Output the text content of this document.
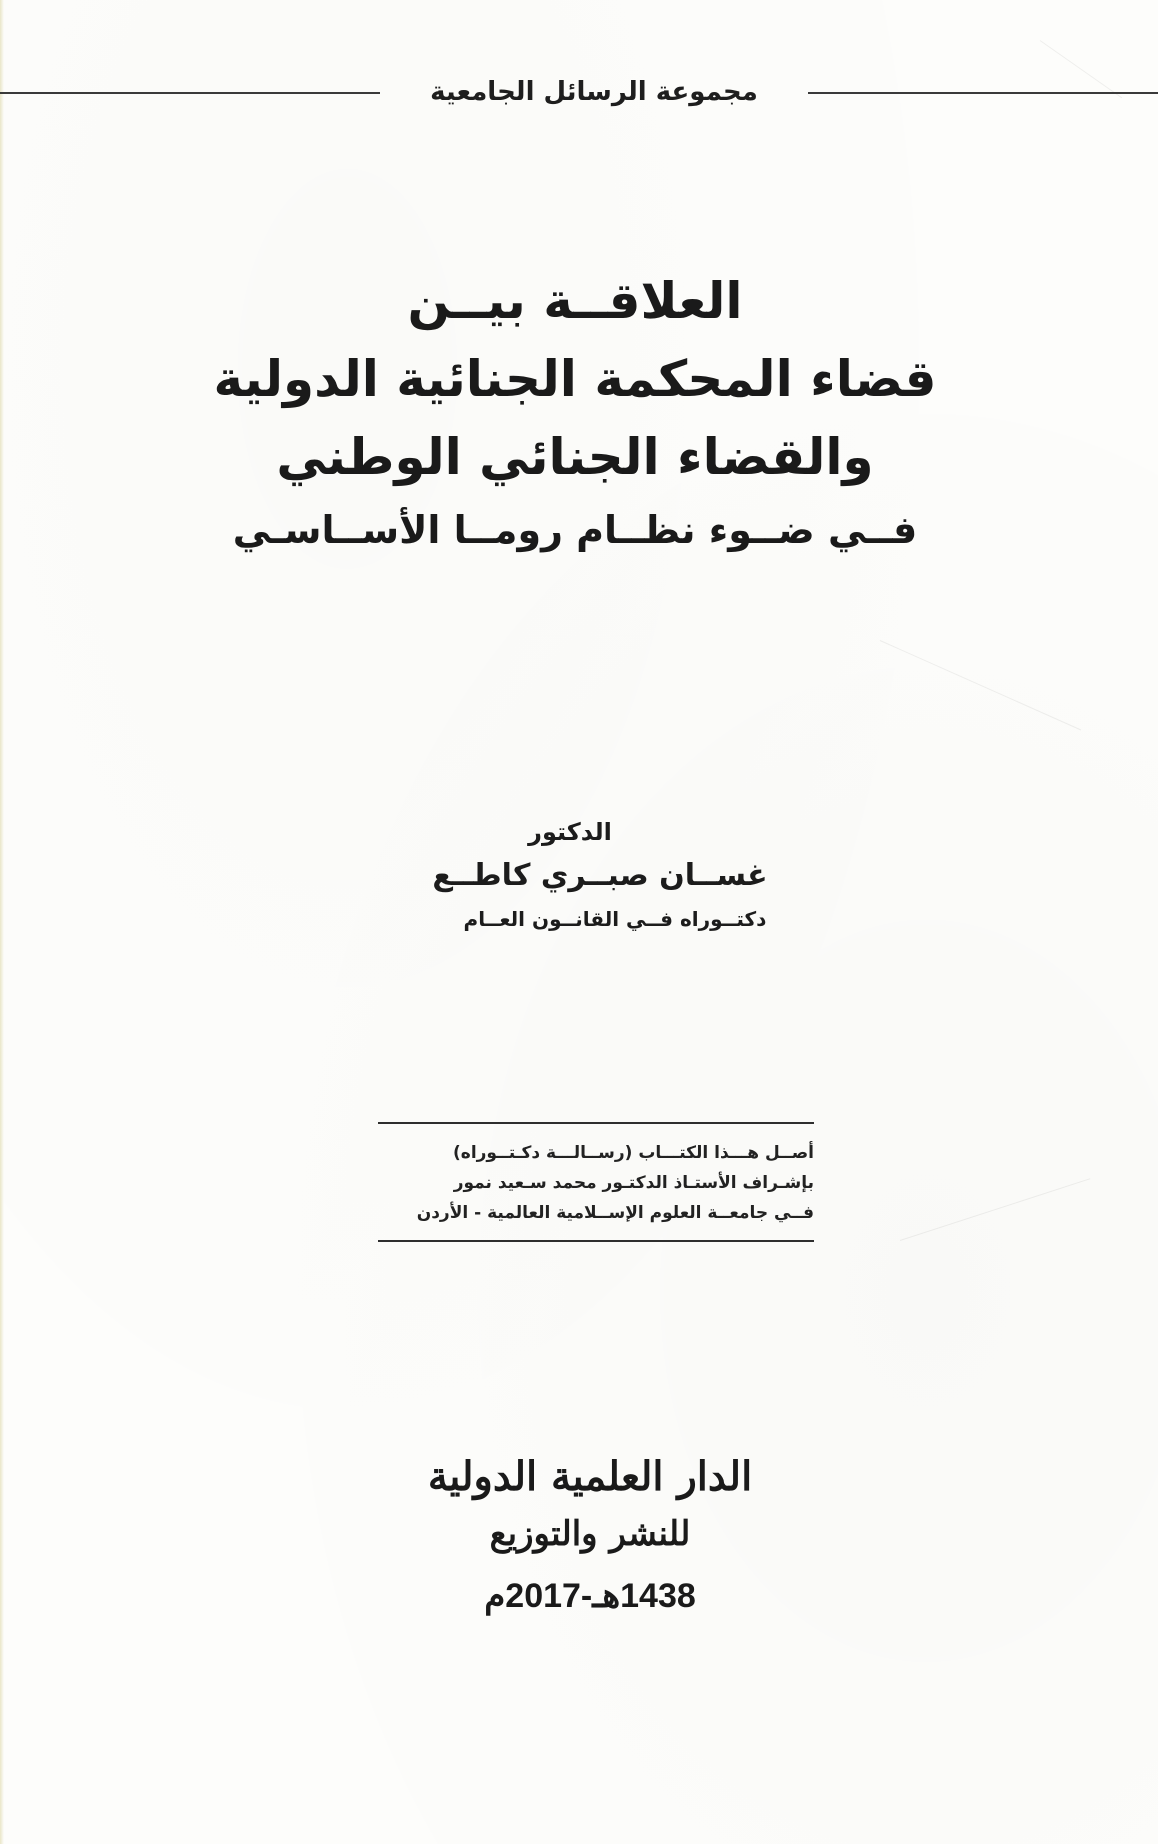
مجموعة الرسائل الجامعية
العلاقــة بيــن
قضاء المحكمة الجنائية الدولية
والقضاء الجنائي الوطني
فــي ضــوء نظــام رومــا الأســاسـي
الدكتور
غســان صبــري كاطــع
دكتــوراه فــي القانــون العــام
أصــل هـــذا الكتـــاب (رســالـــة دكـتــوراه)
بإشـراف الأستـاذ الدكتـور محمد سـعيد نمور
فــي جامعــة العلوم الإســلامية العالمية - الأردن
الدار العلمية الدولية
للنشر والتوزيع
1438هـ-2017م
